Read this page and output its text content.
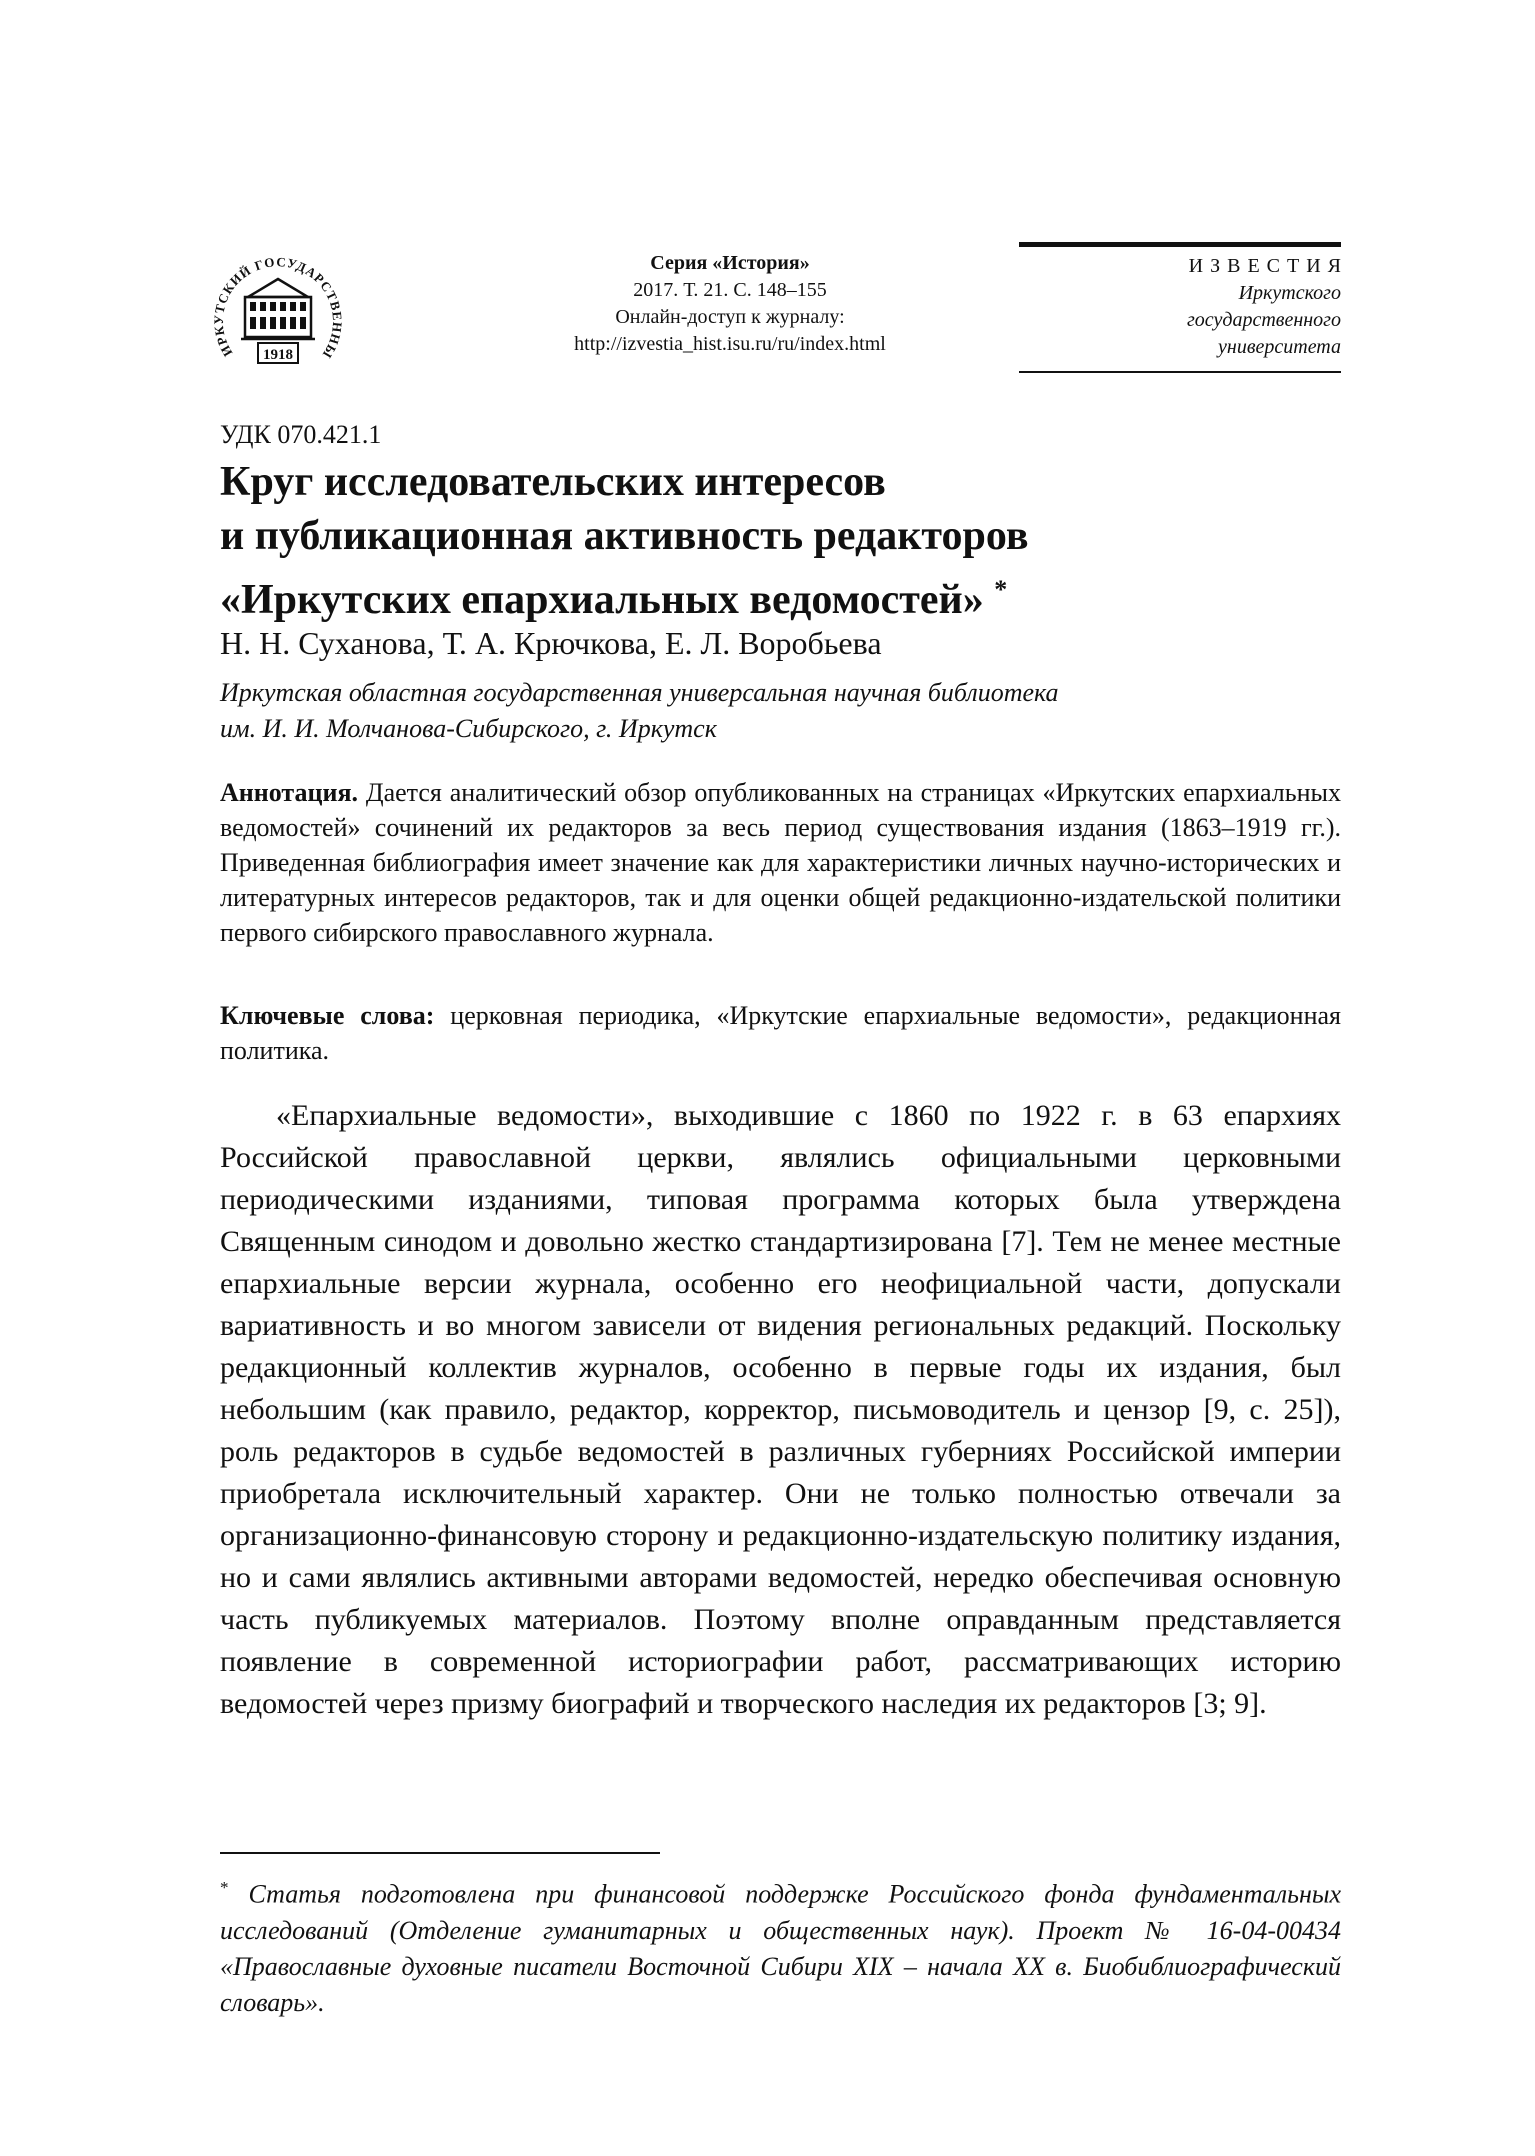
ИРКУТСКИЙ ГОСУДАРСТВЕННЫ
1918
Серия «История»
2017. Т. 21. С. 148–155
Онлайн-доступ к журналу:
http://izvestia_hist.isu.ru/ru/index.html
ИЗВЕСТИЯ
Иркутского
государственного
университета
УДК 070.421.1
Круг исследовательских интересов
и публикационная активность редакторов
«Иркутских епархиальных ведомостей» *
Н. Н. Суханова, Т. А. Крючкова, Е. Л. Воробьева
Иркутская областная государственная универсальная научная библиотека
им. И. И. Молчанова-Сибирского, г. Иркутск

Аннотация. Дается аналитический обзор опубликованных на страницах «Иркутских епархиальных ведомостей» сочинений их редакторов за весь период существования издания (1863–1919 гг.). Приведенная библиография имеет значение как для характеристики личных научно-исторических и литературных интересов редакторов, так и для оценки общей редакционно-издательской политики первого сибирского православного журнала.

Ключевые слова: церковная периодика, «Иркутские епархиальные ведомости», редакционная политика.

«Епархиальные ведомости», выходившие с 1860 по 1922 г. в 63 епархиях Российской православной церкви, являлись официальными церковными периодическими изданиями, типовая программа которых была утверждена Священным синодом и довольно жестко стандартизирована [7]. Тем не менее местные епархиальные версии журнала, особенно его неофициальной части, допускали вариативность и во многом зависели от видения региональных редакций. Поскольку редакционный коллектив журналов, особенно в первые годы их издания, был небольшим (как правило, редактор, корректор, письмоводитель и цензор [9, с. 25]), роль редакторов в судьбе ведомостей в различных губерниях Российской империи приобретала исключительный характер. Они не только полностью отвечали за организационно-финансовую сторону и редакционно-издательскую политику издания, но и сами являлись активными авторами ведомостей, нередко обеспечивая основную часть публикуемых материалов. Поэтому вполне оправданным представляется появление в современной историографии работ, рассматривающих историю ведомостей через призму биографий и творческого наследия их редакторов [3; 9].

* Статья подготовлена при финансовой поддержке Российского фонда фундаментальных исследований (Отделение гуманитарных и общественных наук). Проект № 16-04-00434 «Православные духовные писатели Восточной Сибири XIX – начала XX в. Биобиблиографический словарь».
